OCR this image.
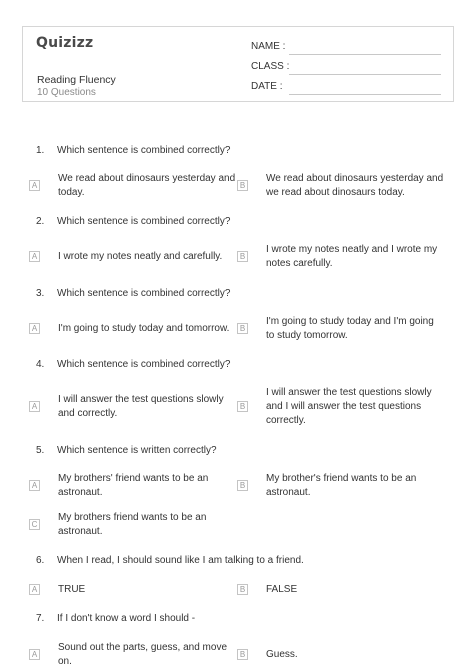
Quizizz
Reading Fluency
10 Questions
NAME :
CLASS :
DATE :
1. Which sentence is combined correctly?
A
We read about dinosaurs yesterday and
today.
B
We read about dinosaurs yesterday and
we read about dinosaurs today.
2. Which sentence is combined correctly?
A I wrote my notes neatly and carefully.	B
I wrote my notes neatly and I wrote my
notes carefully.
3. Which sentence is combined correctly?
A I'm going to study today and tomorrow.	B
I'm going to study today and I'm going
to study tomorrow.
4. Which sentence is combined correctly?
A
I will answer the test questions slowly
and correctly.
B
I will answer the test questions slowly
and I will answer the test questions
correctly.
5. Which sentence is written correctly?
A
My brothers' friend wants to be an
astronaut.
B
My brother's friend wants to be an
astronaut.
C
My brothers friend wants to be an
astronaut.
6. When I read, I should sound like I am talking to a friend.
A TRUE	B FALSE
7. If I don't know a word I should -
A
Sound out the parts, guess, and move
on.
B Guess.
